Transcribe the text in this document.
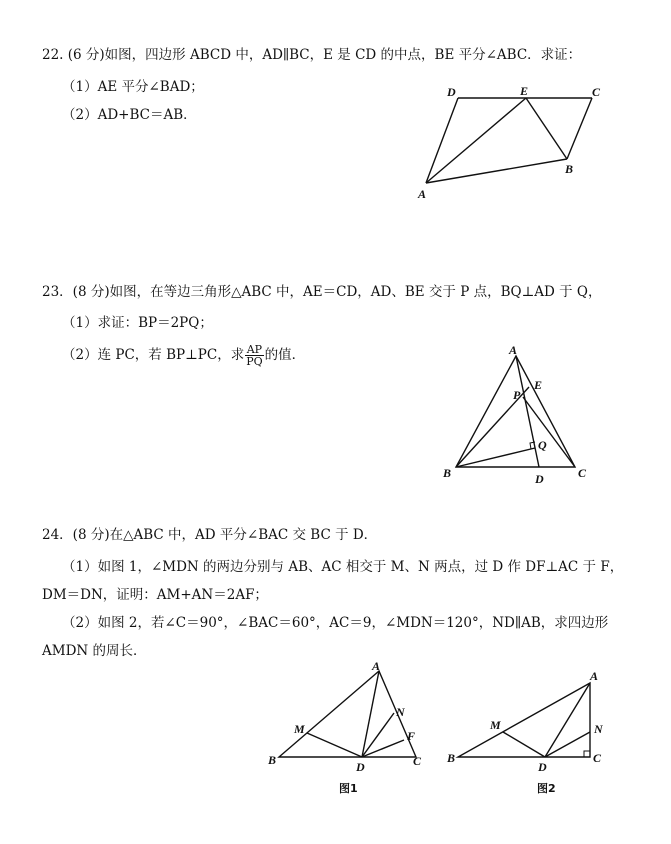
22. (6 分)如图，四边形 ABCD 中，AD∥BC，E 是 CD 的中点，BE 平分∠ABC．求证：
（1）AE 平分∠BAD；
（2）AD+BC＝AB．
23．(8 分)如图，在等边三角形△ABC 中，AE＝CD，AD、BE 交于 P 点，BQ⊥AD 于 Q，
（1）求证：BP＝2PQ；
（2）连 PC，若 BP⊥PC，求 $\frac{AP}{PQ}$ 的值．
24．(8 分)在△ABC 中，AD 平分∠BAC 交 BC 于 D．
（1）如图 1，∠MDN 的两边分别与 AB、AC 相交于 M、N 两点，过 D 作 DF⊥AC 于 F，
DM＝DN，证明：AM+AN＝2AF；
（2）如图 2，若∠C＝90°，∠BAC＝60°，AC＝9，∠MDN＝120°，ND∥AB，求四边形
AMDN 的周长．
D	E	C
B
A
A
E
P
Q
B	D	C
A
N
M	F
B	D	C
图1
A
N
M
B
D
C
图2
